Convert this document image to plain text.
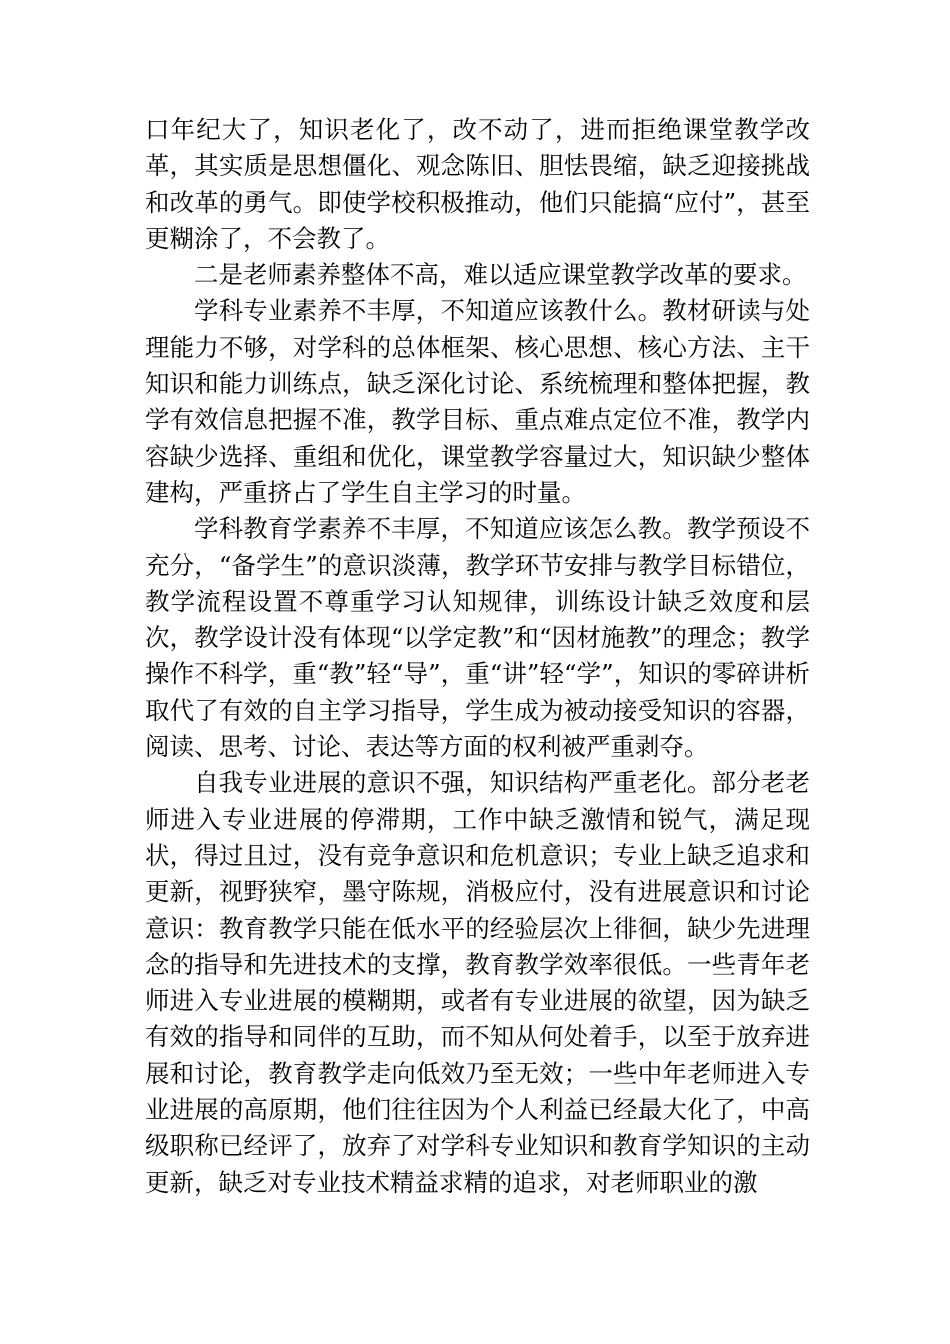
口年纪大了，知识老化了，改不动了，进而拒绝课堂教学改革，其实质是思想僵化、观念陈旧、胆怯畏缩，缺乏迎接挑战和改革的勇气。即使学校积极推动，他们只能搞“应付”，甚至更糊涂了，不会教了。

二是老师素养整体不高，难以适应课堂教学改革的要求。

学科专业素养不丰厚，不知道应该教什么。教材研读与处理能力不够，对学科的总体框架、核心思想、核心方法、主干知识和能力训练点，缺乏深化讨论、系统梳理和整体把握，教学有效信息把握不准，教学目标、重点难点定位不准，教学内容缺少选择、重组和优化，课堂教学容量过大，知识缺少整体建构，严重挤占了学生自主学习的时量。

学科教育学素养不丰厚，不知道应该怎么教。教学预设不充分，“备学生”的意识淡薄，教学环节安排与教学目标错位，教学流程设置不尊重学习认知规律，训练设计缺乏效度和层次，教学设计没有体现“以学定教”和“因材施教”的理念；教学操作不科学，重“教”轻“导”，重“讲”轻“学”，知识的零碎讲析取代了有效的自主学习指导，学生成为被动接受知识的容器，阅读、思考、讨论、表达等方面的权利被严重剥夺。

自我专业进展的意识不强，知识结构严重老化。部分老老师进入专业进展的停滞期，工作中缺乏激情和锐气，满足现状，得过且过，没有竞争意识和危机意识；专业上缺乏追求和更新，视野狭窄，墨守陈规，消极应付，没有进展意识和讨论意识：教育教学只能在低水平的经验层次上徘徊，缺少先进理念的指导和先进技术的支撑，教育教学效率很低。一些青年老师进入专业进展的模糊期，或者有专业进展的欲望，因为缺乏有效的指导和同伴的互助，而不知从何处着手，以至于放弃进展和讨论，教育教学走向低效乃至无效；一些中年老师进入专业进展的高原期，他们往往因为个人利益已经最大化了，中高级职称已经评了，放弃了对学科专业知识和教育学知识的主动更新，缺乏对专业技术精益求精的追求，对老师职业的激
